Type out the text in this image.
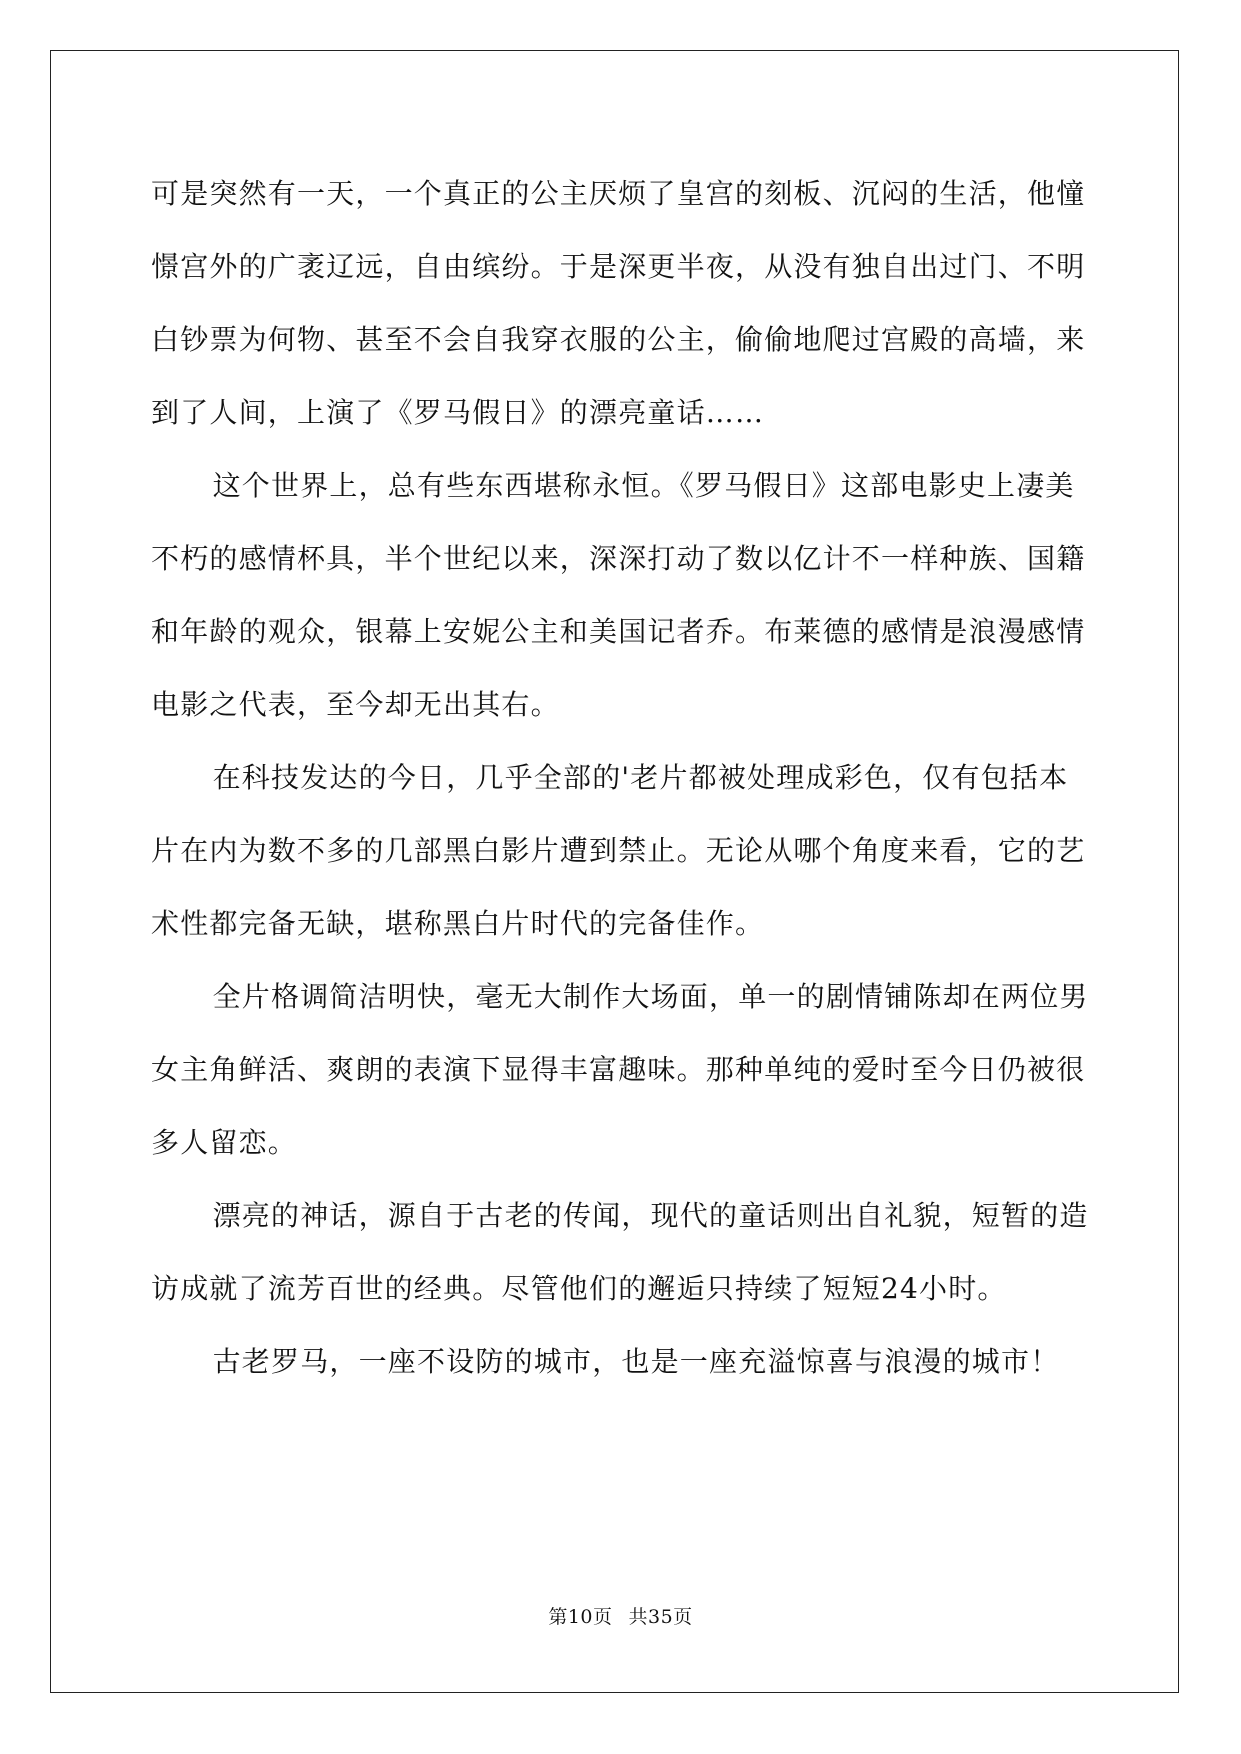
可是突然有一天，一个真正的公主厌烦了皇宫的刻板、沉闷的生活，他憧憬宫外的广袤辽远，自由缤纷。于是深更半夜，从没有独自出过门、不明白钞票为何物、甚至不会自我穿衣服的公主，偷偷地爬过宫殿的高墙，来到了人间，上演了《罗马假日》的漂亮童话……

这个世界上，总有些东西堪称永恒。《罗马假日》这部电影史上凄美不朽的感情杯具，半个世纪以来，深深打动了数以亿计不一样种族、国籍和年龄的观众，银幕上安妮公主和美国记者乔。布莱德的感情是浪漫感情电影之代表，至今却无出其右。

在科技发达的今日，几乎全部的'老片都被处理成彩色，仅有包括本片在内为数不多的几部黑白影片遭到禁止。无论从哪个角度来看，它的艺术性都完备无缺，堪称黑白片时代的完备佳作。

全片格调简洁明快，毫无大制作大场面，单一的剧情铺陈却在两位男女主角鲜活、爽朗的表演下显得丰富趣味。那种单纯的爱时至今日仍被很多人留恋。

漂亮的神话，源自于古老的传闻，现代的童话则出自礼貌，短暂的造访成就了流芳百世的经典。尽管他们的邂逅只持续了短短24小时。

古老罗马，一座不设防的城市，也是一座充溢惊喜与浪漫的城市！

第10页 共35页
